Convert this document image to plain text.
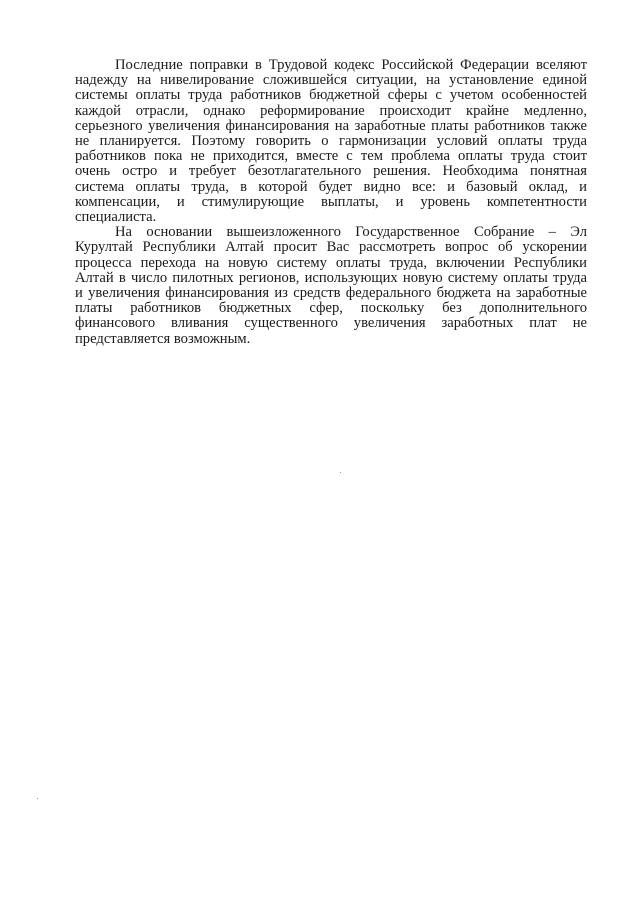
Последние поправки в Трудовой кодекс Российской Федерации вселяют
надежду на нивелирование сложившейся ситуации, на установление единой
системы оплаты труда работников бюджетной сферы с учетом особенностей
каждой отрасли, однако реформирование происходит крайне медленно,
серьезного увеличения финансирования на заработные платы работников также
не планируется. Поэтому говорить о гармонизации условий оплаты труда
работников пока не приходится, вместе с тем проблема оплаты труда стоит
очень остро и требует безотлагательного решения. Необходима понятная
система оплаты труда, в которой будет видно все: и базовый оклад, и
компенсации, и стимулирующие выплаты, и уровень компетентности
специалиста.
На основании вышеизложенного Государственное Собрание – Эл
Курултай Республики Алтай просит Вас рассмотреть вопрос об ускорении
процесса перехода на новую систему оплаты труда, включении Республики
Алтай в число пилотных регионов, использующих новую систему оплаты труда
и увеличения финансирования из средств федерального бюджета на заработные
платы работников бюджетных сфер, поскольку без дополнительного
финансового вливания существенного увеличения заработных плат не
представляется возможным.
